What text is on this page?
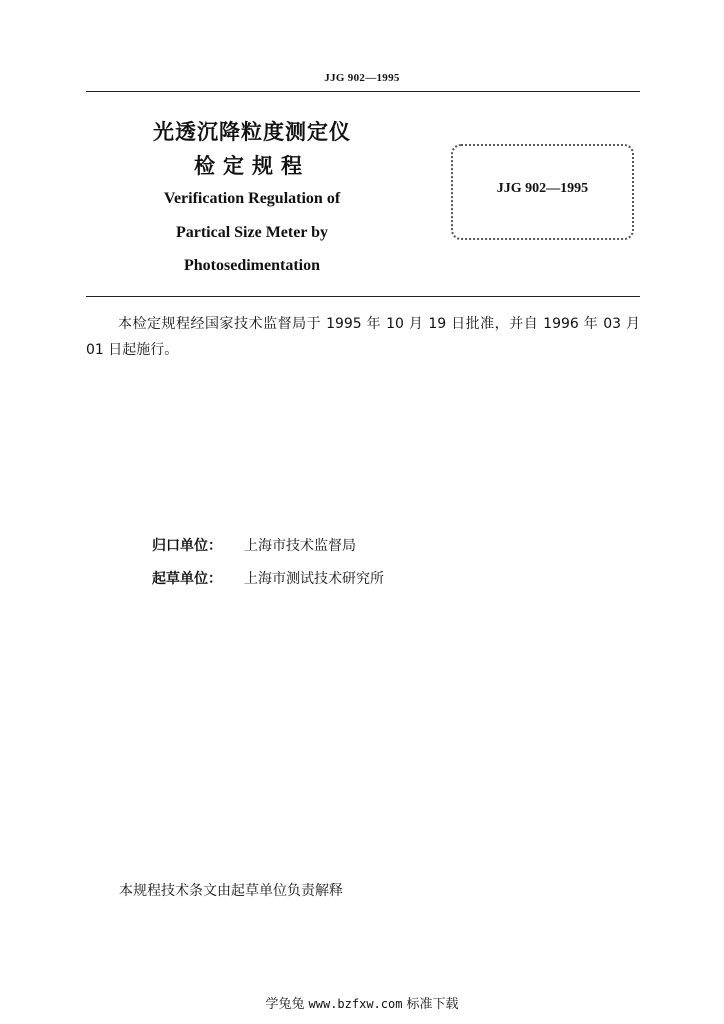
JJG 902—1995
光透沉降粒度测定仪
检定规程
Verification Regulation of
Partical Size Meter by
Photosedimentation
JJG 902—1995
本检定规程经国家技术监督局于 1995 年 10 月 19 日批准，并自 1996 年 03 月 01 日起施行。
归口单位： 上海市技术监督局
起草单位： 上海市测试技术研究所
本规程技术条文由起草单位负责解释
学兔兔 www.bzfxw.com 标准下载
